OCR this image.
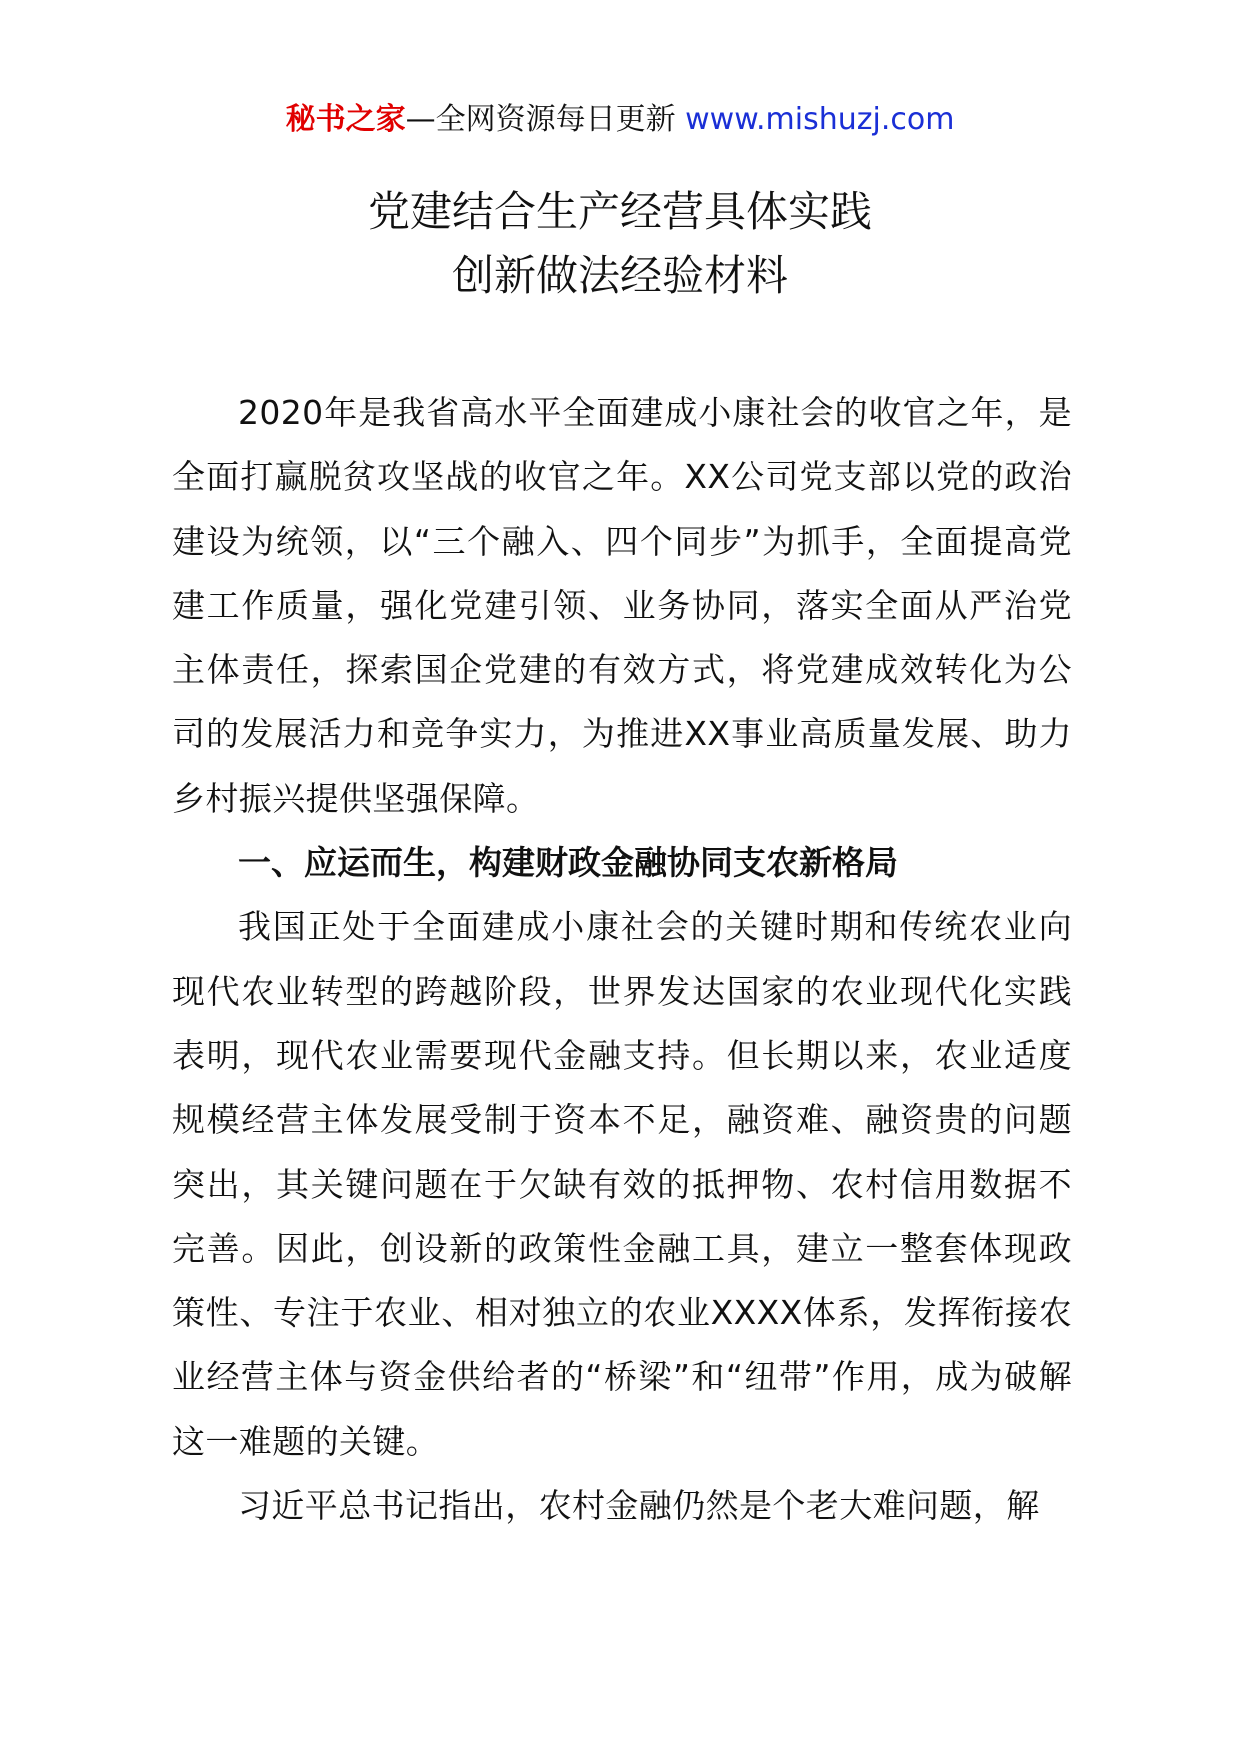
秘书之家—全网资源每日更新 www.mishuzj.com
党建结合生产经营具体实践
创新做法经验材料

2020年是我省高水平全面建成小康社会的收官之年，是全面打赢脱贫攻坚战的收官之年。XX公司党支部以党的政治建设为统领，以“三个融入、四个同步”为抓手，全面提高党建工作质量，强化党建引领、业务协同，落实全面从严治党主体责任，探索国企党建的有效方式，将党建成效转化为公司的发展活力和竞争实力，为推进XX事业高质量发展、助力乡村振兴提供坚强保障。

一、应运而生，构建财政金融协同支农新格局

我国正处于全面建成小康社会的关键时期和传统农业向现代农业转型的跨越阶段，世界发达国家的农业现代化实践表明，现代农业需要现代金融支持。但长期以来，农业适度规模经营主体发展受制于资本不足，融资难、融资贵的问题突出，其关键问题在于欠缺有效的抵押物、农村信用数据不完善。因此，创设新的政策性金融工具，建立一整套体现政策性、专注于农业、相对独立的农业XXXX体系，发挥衔接农业经营主体与资金供给者的“桥梁”和“纽带”作用，成为破解这一难题的关键。

习近平总书记指出，农村金融仍然是个老大难问题，解
